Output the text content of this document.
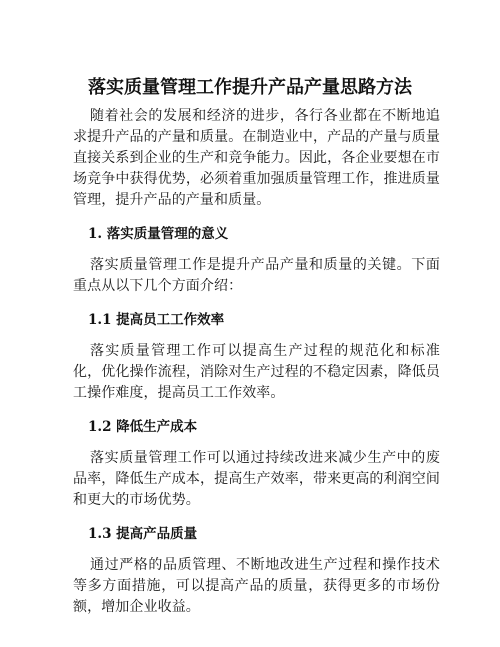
落实质量管理工作提升产品产量思路方法

随着社会的发展和经济的进步，各行各业都在不断地追求提升产品的产量和质量。在制造业中，产品的产量与质量直接关系到企业的生产和竞争能力。因此，各企业要想在市场竞争中获得优势，必须着重加强质量管理工作，推进质量管理，提升产品的产量和质量。

1. 落实质量管理的意义

落实质量管理工作是提升产品产量和质量的关键。下面重点从以下几个方面介绍：

1.1 提高员工工作效率

落实质量管理工作可以提高生产过程的规范化和标准化，优化操作流程，消除对生产过程的不稳定因素，降低员工操作难度，提高员工工作效率。

1.2 降低生产成本

落实质量管理工作可以通过持续改进来减少生产中的废品率，降低生产成本，提高生产效率，带来更高的利润空间和更大的市场优势。

1.3 提高产品质量

通过严格的品质管理、不断地改进生产过程和操作技术等多方面措施，可以提高产品的质量，获得更多的市场份额，增加企业收益。
